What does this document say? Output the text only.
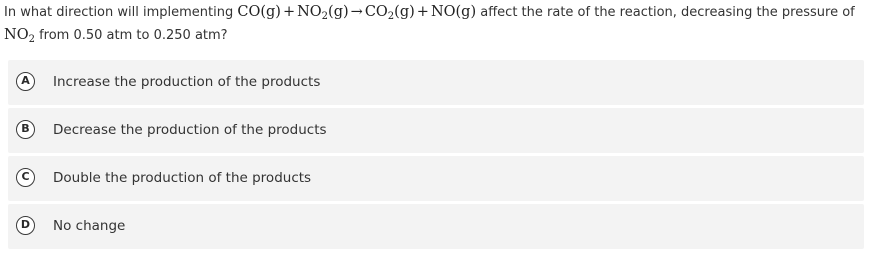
In what direction will implementing $CO(g) + NO_2(g) \to CO_2(g) + NO(g)$ affect the rate of the reaction, decreasing the pressure of $NO_2$ from 0.50 atm to 0.250 atm?
A	Increase the production of the products
B	Decrease the production of the products
C	Double the production of the products
D	No change
